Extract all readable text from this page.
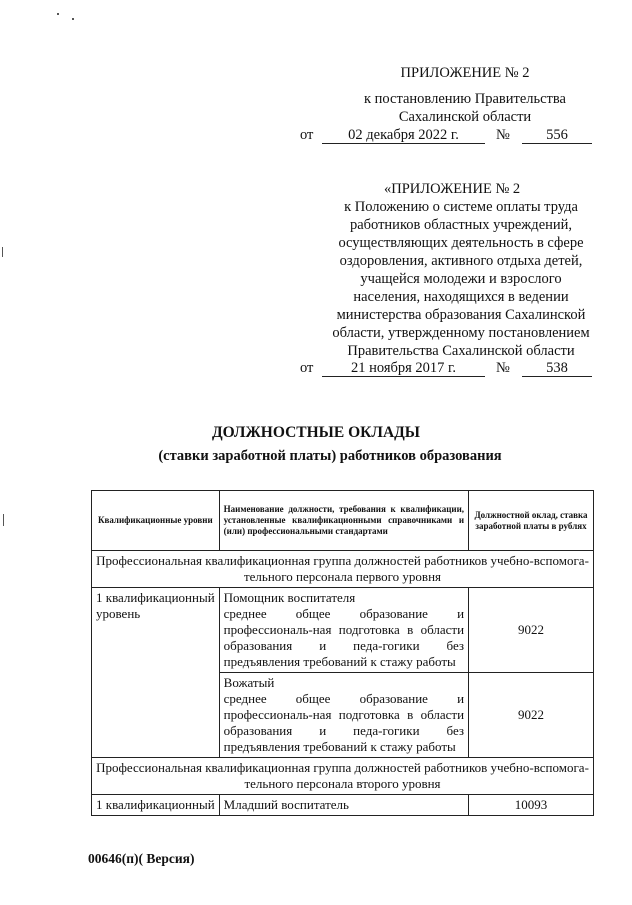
ПРИЛОЖЕНИЕ № 2
к постановлению Правительства
Сахалинской области
от	02 декабря 2022 г.	№	556
«ПРИЛОЖЕНИЕ № 2
к Положению о системе оплаты труда
работников областных учреждений,
осуществляющих деятельность в сфере
оздоровления, активного отдыха детей,
учащейся молодежи и взрослого
населения, находящихся в ведении
министерства образования Сахалинской
области, утвержденному постановлением
Правительства Сахалинской области
от	21 ноября 2017 г.	№	538
ДОЛЖНОСТНЫЕ ОКЛАДЫ
(ставки заработной платы) работников образования
Квалификационные уровни	Наименование должности, требования к квалификации, установленные квалификационными справочниками и (или) профессиональными стандартами	Должностной оклад, ставка заработной платы в рублях
Профессиональная квалификационная группа должностей работников учебно-вспомога-тельного персонала первого уровня		
1 квалификационный уровень	Помощник воспитателя
среднее общее образование и профессиональ-ная подготовка в области образования и педа-гогики без предъявления требований к стажу работы	9022

	Вожатый
среднее общее образование и профессиональ-ная подготовка в области образования и педа-гогики без предъявления требований к стажу работы	9022
Профессиональная квалификационная группа должностей работников учебно-вспомога-тельного персонала второго уровня		
1 квалификационный	Младший воспитатель	10093
00646(п)( Версия)
